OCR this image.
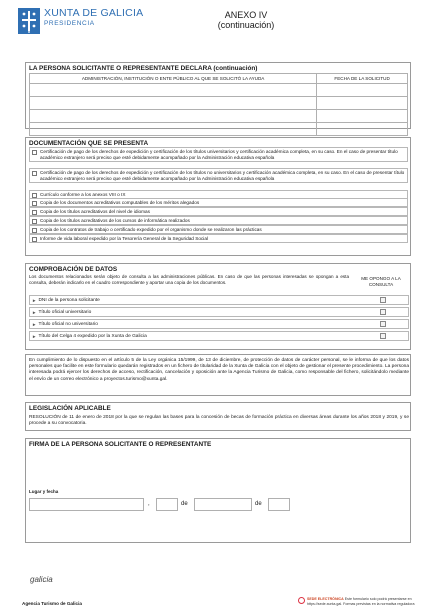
XUNTA DE GALICIA
PRESIDENCIA
ANEXO IV
(continuación)
LA PERSONA SOLICITANTE O REPRESENTANTE DECLARA (continuación)
ADMINISTRACIÓN, INSTITUCIÓN O ENTE PÚBLICO AL QUE SE SOLICITÓ LA AYUDA	FECHA DE LA SOLICITUD

DOCUMENTACIÓN QUE SE PRESENTA
Certificación de pago de los derechos de expedición y certificación de los títulos universitarios y certificación académica completa, en su caso. En el caso de presentar título académico extranjero será preciso que esté debidamente acompañado por la Administración educativa española
Certificación de pago de los derechos de expedición y certificación de los títulos no universitarios y certificación académica completa, en su caso. En el caso de presentar título académico extranjero será preciso que esté debidamente acompañado por la Administración educativa española
Currículo conforme a los anexos VIII o IX
Copia de los documentos acreditativos computables de los méritos alegados
Copia de los títulos acreditativos del nivel de idiomas
Copia de los títulos acreditativos de los cursos de informática realizados
Copia de los contratos de trabajo o certificado expedido por el organismo donde se realizaron las prácticas
Informe de vida laboral expedido por la Tesorería General de la Seguridad Social
COMPROBACIÓN DE DATOS
Los documentos relacionados serán objeto de consulta a las administraciones públicas. En caso de que las personas interesadas se opongan a esta consulta, deberán indicarlo en el cuadro correspondiente y aportar una copia de los documentos.
ME OPONGO A LA CONSULTA
► DNI de la persona solicitante
► Título oficial universitario
► Título oficial no universitario
► Título del Celga 4 expedido por la Xunta de Galicia
En cumplimiento de lo dispuesto en el artículo 5 de la Ley orgánica 15/1999, de 13 de diciembre, de protección de datos de carácter personal, se le informa de que los datos personales que facilite en este formulario quedarán registrados en un fichero de titularidad de la Xunta de Galicia con el objeto de gestionar el presente procedimiento. La persona interesada podrá ejercer los derechos de acceso, rectificación, cancelación y oposición ante la Agencia Turismo de Galicia, como responsable del fichero, solicitándolo mediante el envío de un correo electrónico a proyectos.turismo@xunta.gal.
LEGISLACIÓN APLICABLE
RESOLUCIÓN de 11 de enero de 2018 por la que se regulan las bases para la concesión de becas de formación práctica en diversas áreas durante los años 2018 y 2019, y se procede a su convocatoria.
FIRMA DE LA PERSONA SOLICITANTE O REPRESENTANTE
Lugar y fecha
,	de	de
galicia
Agencia Turismo de Galicia
SEDE ELECTRÓNICA Este formulario solo podrá presentarse en https://sede.xunta.gal. Formas previstas en la normativa reguladora
